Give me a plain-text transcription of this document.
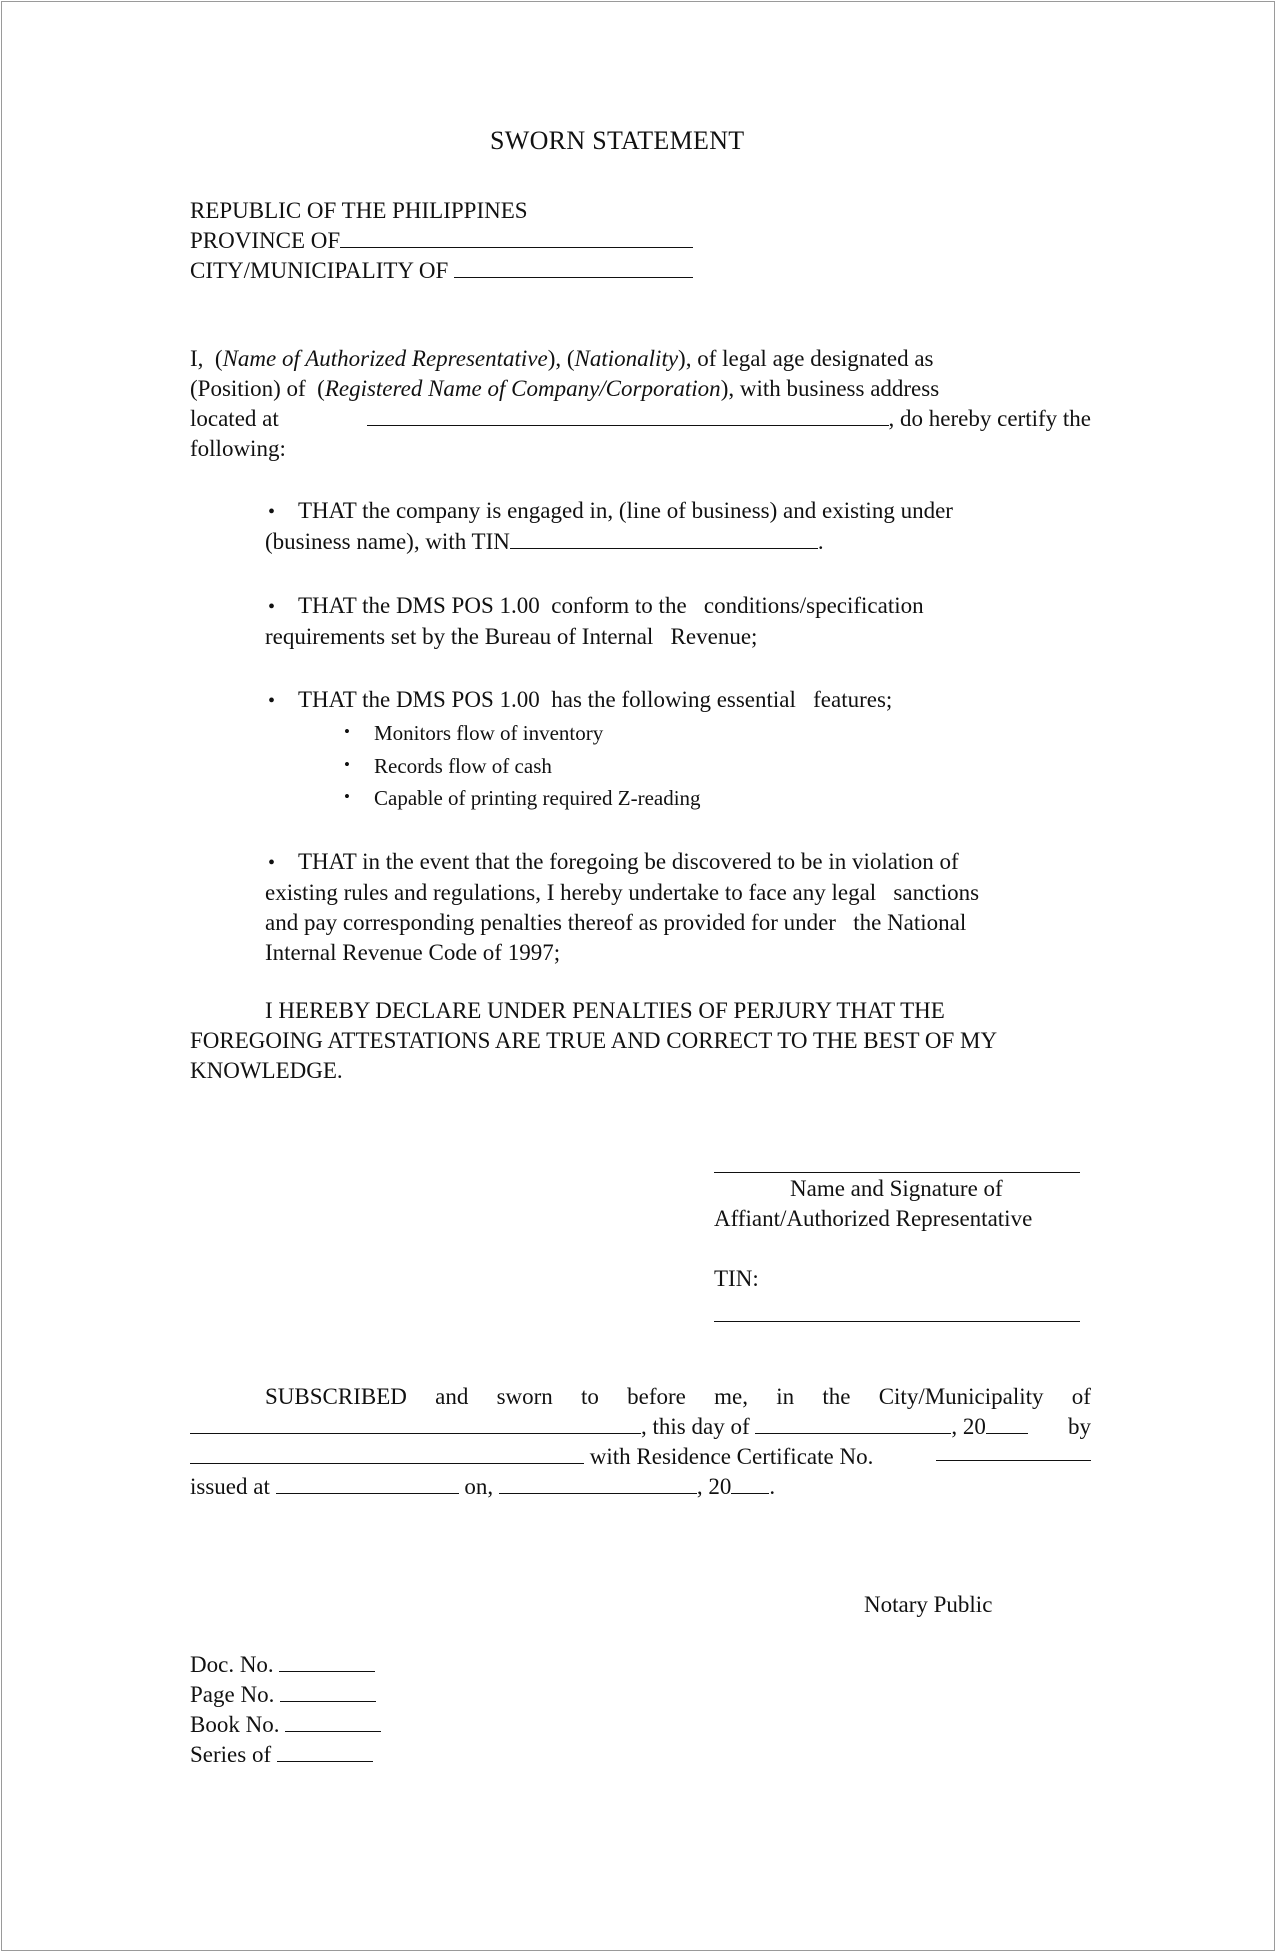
SWORN STATEMENT
REPUBLIC OF THE PHILIPPINES
PROVINCE OF
CITY/MUNICIPALITY OF
I,  (Name of Authorized Representative), (Nationality), of legal age designated as
(Position) of  (Registered Name of Company/Corporation), with business address
located at	, do hereby certify the
following:
• THAT the company is engaged in, (line of business) and existing under
(business name), with TIN	.
• THAT the DMS POS 1.00  conform to the   conditions/specification
requirements set by the Bureau of Internal   Revenue;
• THAT the DMS POS 1.00  has the following essential   features;
• Monitors flow of inventory
• Records flow of cash
• Capable of printing required Z-reading
• THAT in the event that the foregoing be discovered to be in violation of
existing rules and regulations, I hereby undertake to face any legal   sanctions
and pay corresponding penalties thereof as provided for under   the National
Internal Revenue Code of 1997;
I HEREBY DECLARE UNDER PENALTIES OF PERJURY THAT THE
FOREGOING ATTESTATIONS ARE TRUE AND CORRECT TO THE BEST OF MY
KNOWLEDGE.
Name and Signature of
Affiant/Authorized Representative
TIN:
SUBSCRIBED and sworn to before me, in the City/Municipality of
, this day of	, 20	by
with Residence Certificate No.
issued at	on,	, 20 .
Notary Public
Doc. No.
Page No.
Book No.
Series of
